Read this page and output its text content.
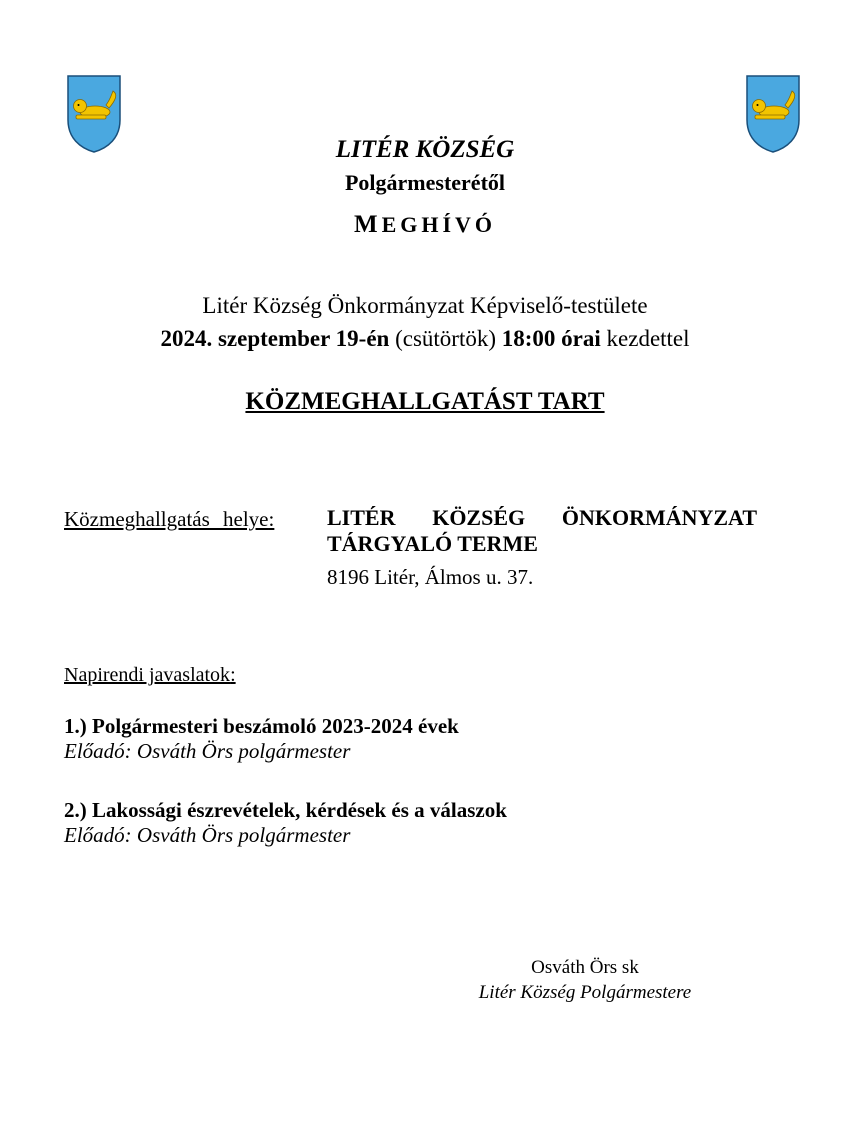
LITÉR KÖZSÉG
Polgármesterétől
MEGHÍVÓ
Litér Község Önkormányzat Képviselő-testülete
2024. szeptember 19-én (csütörtök) 18:00 órai kezdettel
KÖZMEGHALLGATÁST TART
Közmeghallgatás helye: LITÉR KÖZSÉG ÖNKORMÁNYZAT
TÁRGYALÓ TERME
8196 Litér, Álmos u. 37.
Napirendi javaslatok:
1.) Polgármesteri beszámoló 2023-2024 évek
Előadó: Osváth Örs polgármester
2.) Lakossági észrevételek, kérdések és a válaszok
Előadó: Osváth Örs polgármester
Osváth Örs sk
Litér Község Polgármestere
